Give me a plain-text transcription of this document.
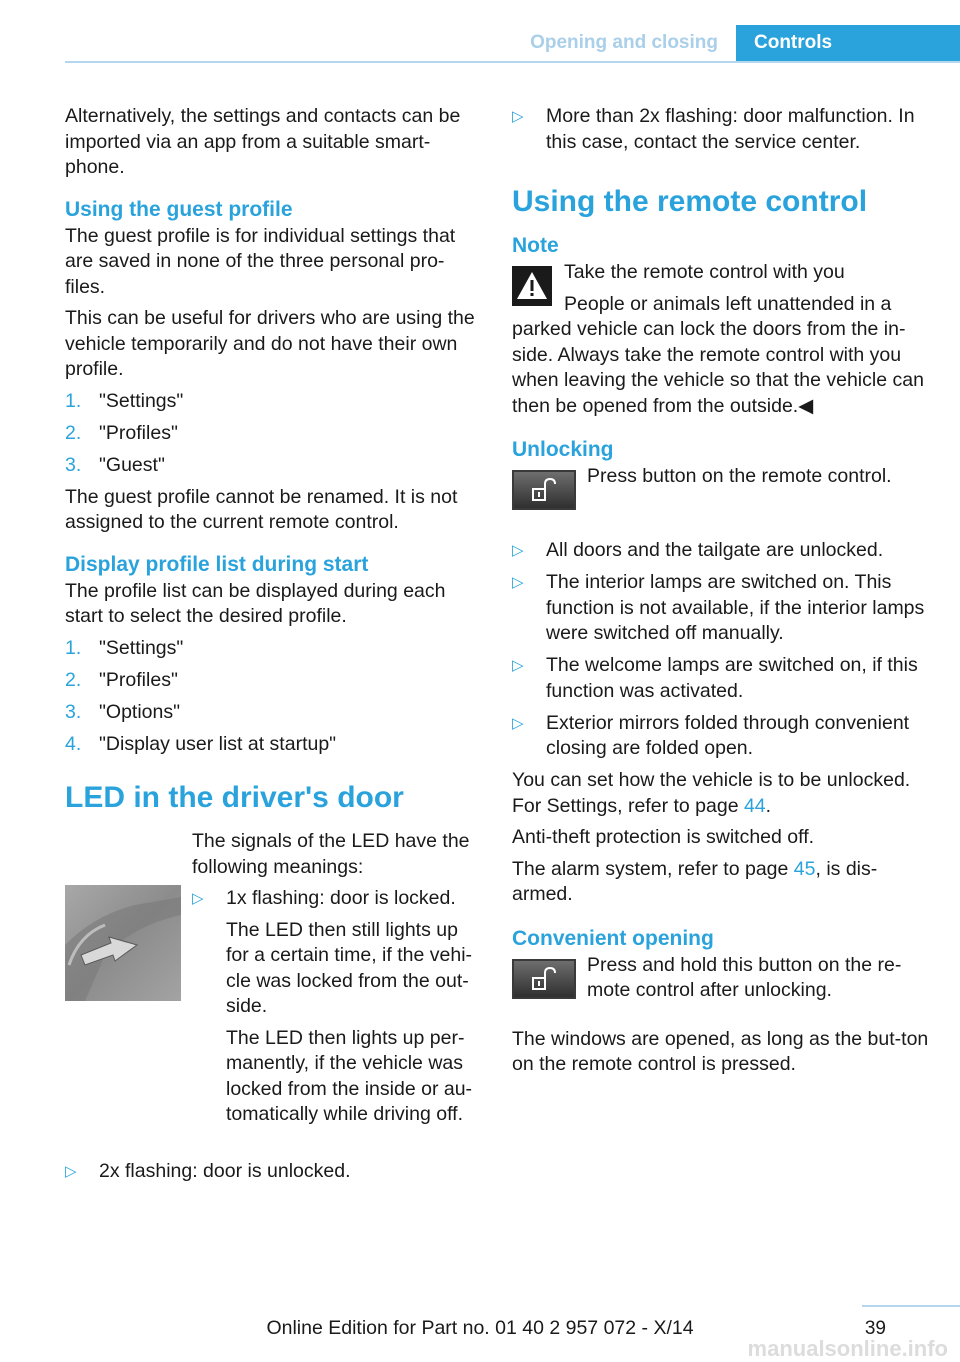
Opening and closing	Controls

Alternatively, the settings and contacts can be imported via an app from a suitable smart‐phone.

Using the guest profile

The guest profile is for individual settings that are saved in none of the three personal pro‐files.

This can be useful for drivers who are using the vehicle temporarily and do not have their own profile.

1. "Settings"
2. "Profiles"
3. "Guest"

The guest profile cannot be renamed. It is not assigned to the current remote control.

Display profile list during start

The profile list can be displayed during each start to select the desired profile.

1. "Settings"
2. "Profiles"
3. "Options"
4. "Display user list at startup"
LED in the driver's door

The signals of the LED have the following meanings:

▷ 1x flashing: door is locked.

The LED then still lights up for a certain time, if the vehi‐cle was locked from the out‐side.

The LED then lights up per‐manently, if the vehicle was locked from the inside or au‐tomatically while driving off.

▷ 2x flashing: door is unlocked.
▷ More than 2x flashing: door malfunction. In this case, contact the service center.
Using the remote control
Note

Take the remote control with you

People or animals left unattended in a parked vehicle can lock the doors from the in‐side. Always take the remote control with you when leaving the vehicle so that the vehicle can then be opened from the outside.◀

Unlocking

Press button on the remote control.

▷ All doors and the tailgate are unlocked.
▷ The interior lamps are switched on. This function is not available, if the interior lamps were switched off manually.
▷ The welcome lamps are switched on, if this function was activated.
▷ Exterior mirrors folded through convenient closing are folded open.

You can set how the vehicle is to be unlocked. For Settings, refer to page 44.

Anti-theft protection is switched off.

The alarm system, refer to page 45, is dis‐armed.

Convenient opening

Press and hold this button on the re‐mote control after unlocking.

The windows are opened, as long as the but‐ton on the remote control is pressed.

39
Online Edition for Part no. 01 40 2 957 072 - X/14
manualsonline.info
